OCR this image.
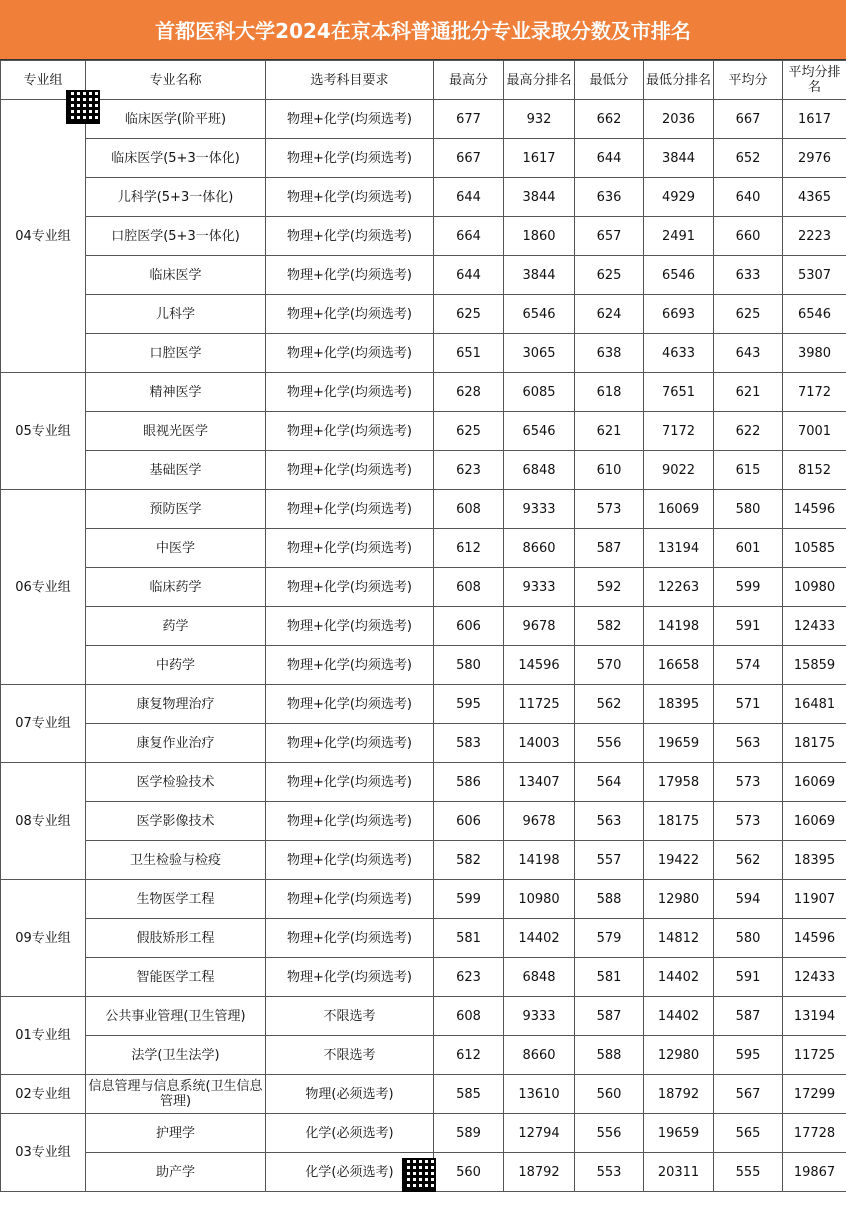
首都医科大学2024在京本科普通批分专业录取分数及市排名
专业组	专业名称	选考科目要求	最高分	最高分排名	最低分	最低分排名	平均分	平均分排名
04专业组	临床医学(阶平班)	物理+化学(均须选考)	677	932	662	2036	667	1617
	临床医学(5+3一体化)	物理+化学(均须选考)	667	1617	644	3844	652	2976
	儿科学(5+3一体化)	物理+化学(均须选考)	644	3844	636	4929	640	4365
	口腔医学(5+3一体化)	物理+化学(均须选考)	664	1860	657	2491	660	2223
	临床医学	物理+化学(均须选考)	644	3844	625	6546	633	5307
	儿科学	物理+化学(均须选考)	625	6546	624	6693	625	6546
	口腔医学	物理+化学(均须选考)	651	3065	638	4633	643	3980
05专业组	精神医学	物理+化学(均须选考)	628	6085	618	7651	621	7172
	眼视光医学	物理+化学(均须选考)	625	6546	621	7172	622	7001
	基础医学	物理+化学(均须选考)	623	6848	610	9022	615	8152
06专业组	预防医学	物理+化学(均须选考)	608	9333	573	16069	580	14596
	中医学	物理+化学(均须选考)	612	8660	587	13194	601	10585
	临床药学	物理+化学(均须选考)	608	9333	592	12263	599	10980
	药学	物理+化学(均须选考)	606	9678	582	14198	591	12433
	中药学	物理+化学(均须选考)	580	14596	570	16658	574	15859
07专业组	康复物理治疗	物理+化学(均须选考)	595	11725	562	18395	571	16481
	康复作业治疗	物理+化学(均须选考)	583	14003	556	19659	563	18175
08专业组	医学检验技术	物理+化学(均须选考)	586	13407	564	17958	573	16069
	医学影像技术	物理+化学(均须选考)	606	9678	563	18175	573	16069
	卫生检验与检疫	物理+化学(均须选考)	582	14198	557	19422	562	18395
09专业组	生物医学工程	物理+化学(均须选考)	599	10980	588	12980	594	11907
	假肢矫形工程	物理+化学(均须选考)	581	14402	579	14812	580	14596
	智能医学工程	物理+化学(均须选考)	623	6848	581	14402	591	12433
01专业组	公共事业管理(卫生管理)	不限选考	608	9333	587	14402	587	13194
	法学(卫生法学)	不限选考	612	8660	588	12980	595	11725
02专业组	信息管理与信息系统(卫生信息管理)	物理(必须选考)	585	13610	560	18792	567	17299
03专业组	护理学	化学(必须选考)	589	12794	556	19659	565	17728
	助产学	化学(必须选考)	560	18792	553	20311	555	19867
